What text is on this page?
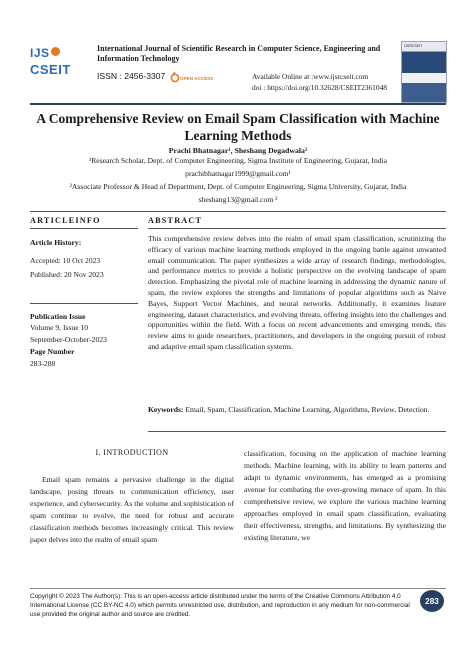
IJS
CSEIT
International Journal of Scientific Research in Computer Science, Engineering and Information Technology
ISSN : 2456-3307	OPEN ACCESS	Available Online at :www.ijsrcseit.com
doi : https://doi.org/10.32628/CSEIT2361048
IJSRCSEIT
A Comprehensive Review on Email Spam Classification with Machine Learning Methods
Prachi Bhatnagar¹, Sheshang Degadwala²
¹Research Scholar, Dept. of Computer Engineering, Sigma Institute of Engineering, Gujarat, India
prachibhatnagar1999@gmail.com¹
²Associate Professor & Head of Department, Dept. of Computer Engineering, Sigma University, Gujarat, India
sheshang13@gmail.com ²
ARTICLEINFO
Article History:
Accepted: 10 Oct 2023
Published: 20 Nov 2023
Publication Issue
Volume 9, Issue 10
September-October-2023
Page Number
283-288
ABSTRACT
This comprehensive review delves into the realm of email spam classification, scrutinizing the efficacy of various machine learning methods employed in the ongoing battle against unwanted email communication. The paper synthesizes a wide array of research findings, methodologies, and performance metrics to provide a holistic perspective on the evolving landscape of spam detection. Emphasizing the pivotal role of machine learning in addressing the dynamic nature of spam, the review explores the strengths and limitations of popular algorithms such as Naive Bayes, Support Vector Machines, and neural networks. Additionally, it examines feature engineering, dataset characteristics, and evolving threats, offering insights into the challenges and opportunities within the field. With a focus on recent advancements and emerging trends, this review aims to guide researchers, practitioners, and developers in the ongoing pursuit of robust and adaptive email spam classification systems.
Keywords: Email, Spam, Classification, Machine Learning, Algorithms, Review, Detection.
I. INTRODUCTION
Email spam remains a pervasive challenge in the digital landscape, posing threats to communication efficiency, user experience, and cybersecurity. As the volume and sophistication of spam continue to evolve, the need for robust and accurate classification methods becomes increasingly critical. This review paper delves into the realm of email spam
classification, focusing on the application of machine learning methods. Machine learning, with its ability to learn patterns and adapt to dynamic environments, has emerged as a promising avenue for combating the ever-growing menace of spam. In this comprehensive review, we explore the various machine learning approaches employed in email spam classification, evaluating their effectiveness, strengths, and limitations. By synthesizing the existing literature, we
Copyright © 2023 The Author(s): This is an open-access article distributed under the terms of the Creative Commons Attribution 4.0 International License (CC BY-NC 4.0) which permits unrestricted use, distribution, and reproduction in any medium for non-commercial use provided the original author and source are credited.
283
